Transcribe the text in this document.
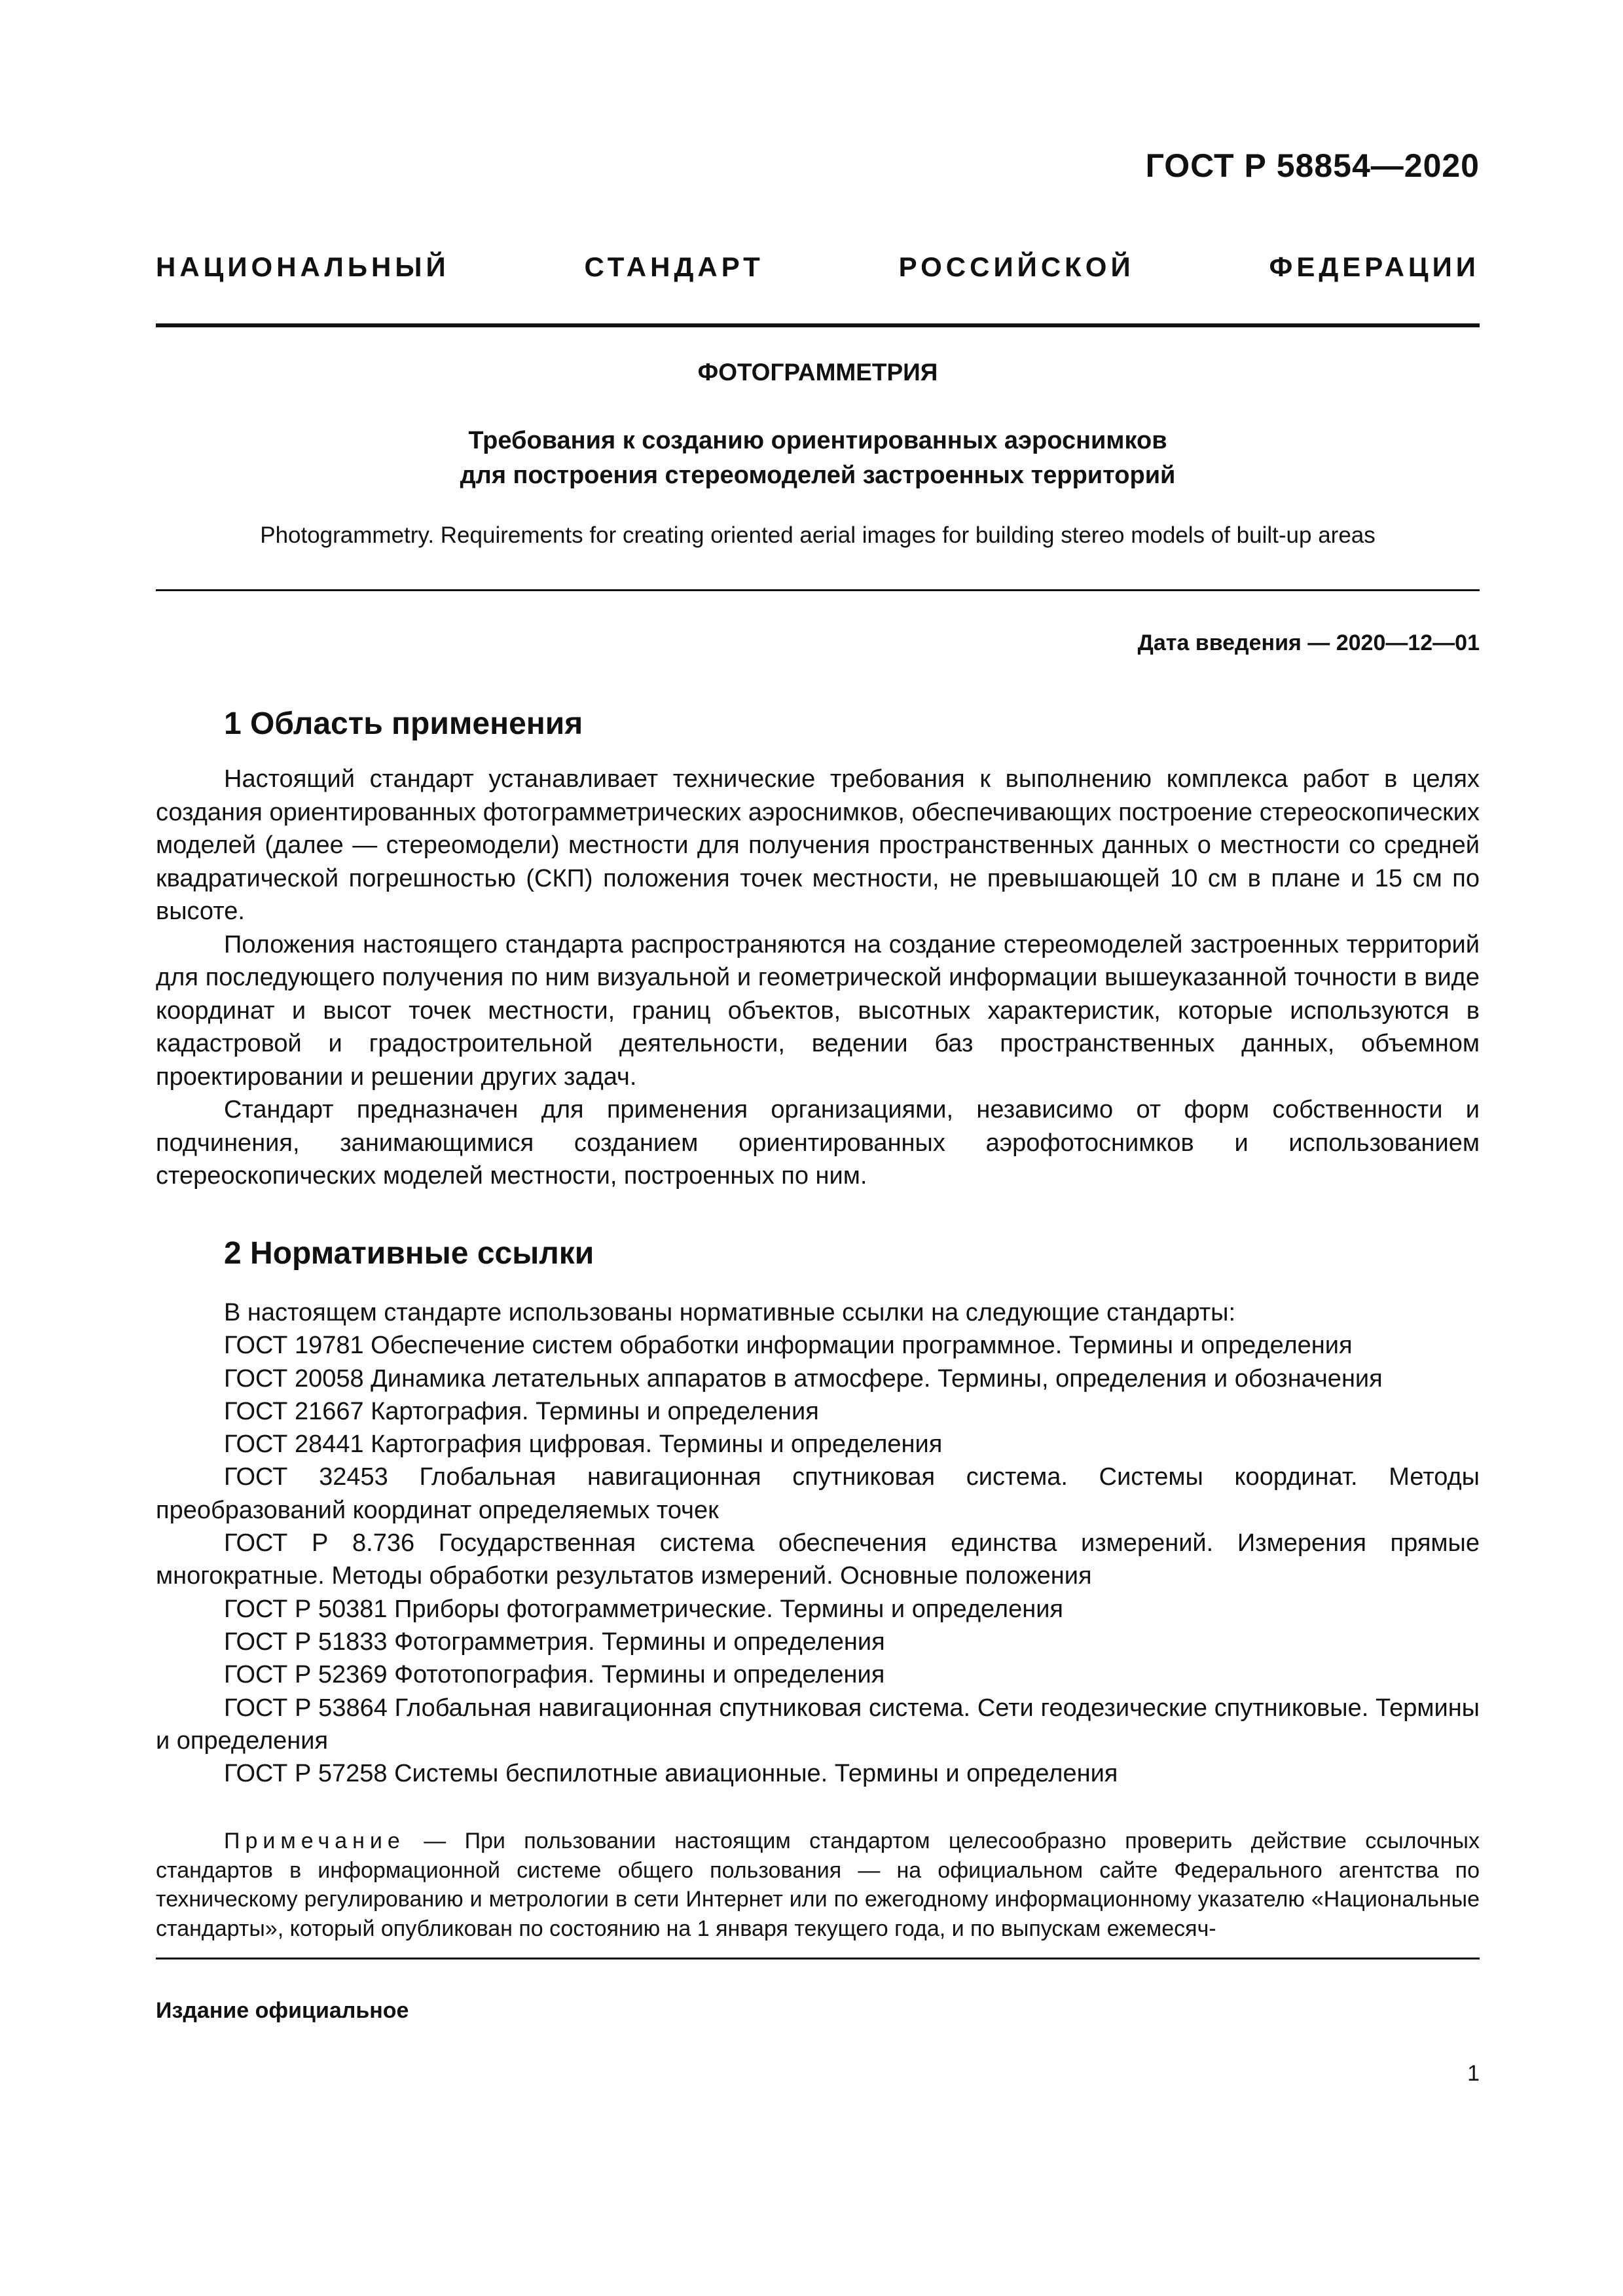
ГОСТ Р 58854—2020
НАЦИОНАЛЬНЫЙ СТАНДАРТ РОССИЙСКОЙ ФЕДЕРАЦИИ
ФОТОГРАММЕТРИЯ
Требования к созданию ориентированных аэроснимков
для построения стереомоделей застроенных территорий
Photogrammetry. Requirements for creating oriented aerial images for building stereo models of built-up areas
Дата введения — 2020—12—01
1 Область применения

Настоящий стандарт устанавливает технические требования к выполнению комплекса работ в целях создания ориентированных фотограмметрических аэроснимков, обеспечивающих построение стереоскопических моделей (далее — стереомодели) местности для получения пространственных данных о местности со средней квадратической погрешностью (СКП) положения точек местности, не превышающей 10 см в плане и 15 см по высоте.

Положения настоящего стандарта распространяются на создание стереомоделей застроенных территорий для последующего получения по ним визуальной и геометрической информации вышеуказанной точности в виде координат и высот точек местности, границ объектов, высотных характеристик, которые используются в кадастровой и градостроительной деятельности, ведении баз пространственных данных, объемном проектировании и решении других задач.

Стандарт предназначен для применения организациями, независимо от форм собственности и подчинения, занимающимися созданием ориентированных аэрофотоснимков и использованием стереоскопических моделей местности, построенных по ним.

2 Нормативные ссылки

В настоящем стандарте использованы нормативные ссылки на следующие стандарты:

ГОСТ 19781 Обеспечение систем обработки информации программное. Термины и определения

ГОСТ 20058 Динамика летательных аппаратов в атмосфере. Термины, определения и обозначения

ГОСТ 21667 Картография. Термины и определения

ГОСТ 28441 Картография цифровая. Термины и определения

ГОСТ 32453 Глобальная навигационная спутниковая система. Системы координат. Методы преобразований координат определяемых точек

ГОСТ Р 8.736 Государственная система обеспечения единства измерений. Измерения прямые многократные. Методы обработки результатов измерений. Основные положения

ГОСТ Р 50381 Приборы фотограмметрические. Термины и определения

ГОСТ Р 51833 Фотограмметрия. Термины и определения

ГОСТ Р 52369 Фототопография. Термины и определения

ГОСТ Р 53864 Глобальная навигационная спутниковая система. Сети геодезические спутниковые. Термины и определения

ГОСТ Р 57258 Системы беспилотные авиационные. Термины и определения

Примечание — При пользовании настоящим стандартом целесообразно проверить действие ссылочных стандартов в информационной системе общего пользования — на официальном сайте Федерального агентства по техническому регулированию и метрологии в сети Интернет или по ежегодному информационному указателю «Национальные стандарты», который опубликован по состоянию на 1 января текущего года, и по выпускам ежемесяч-
Издание официальное
1
